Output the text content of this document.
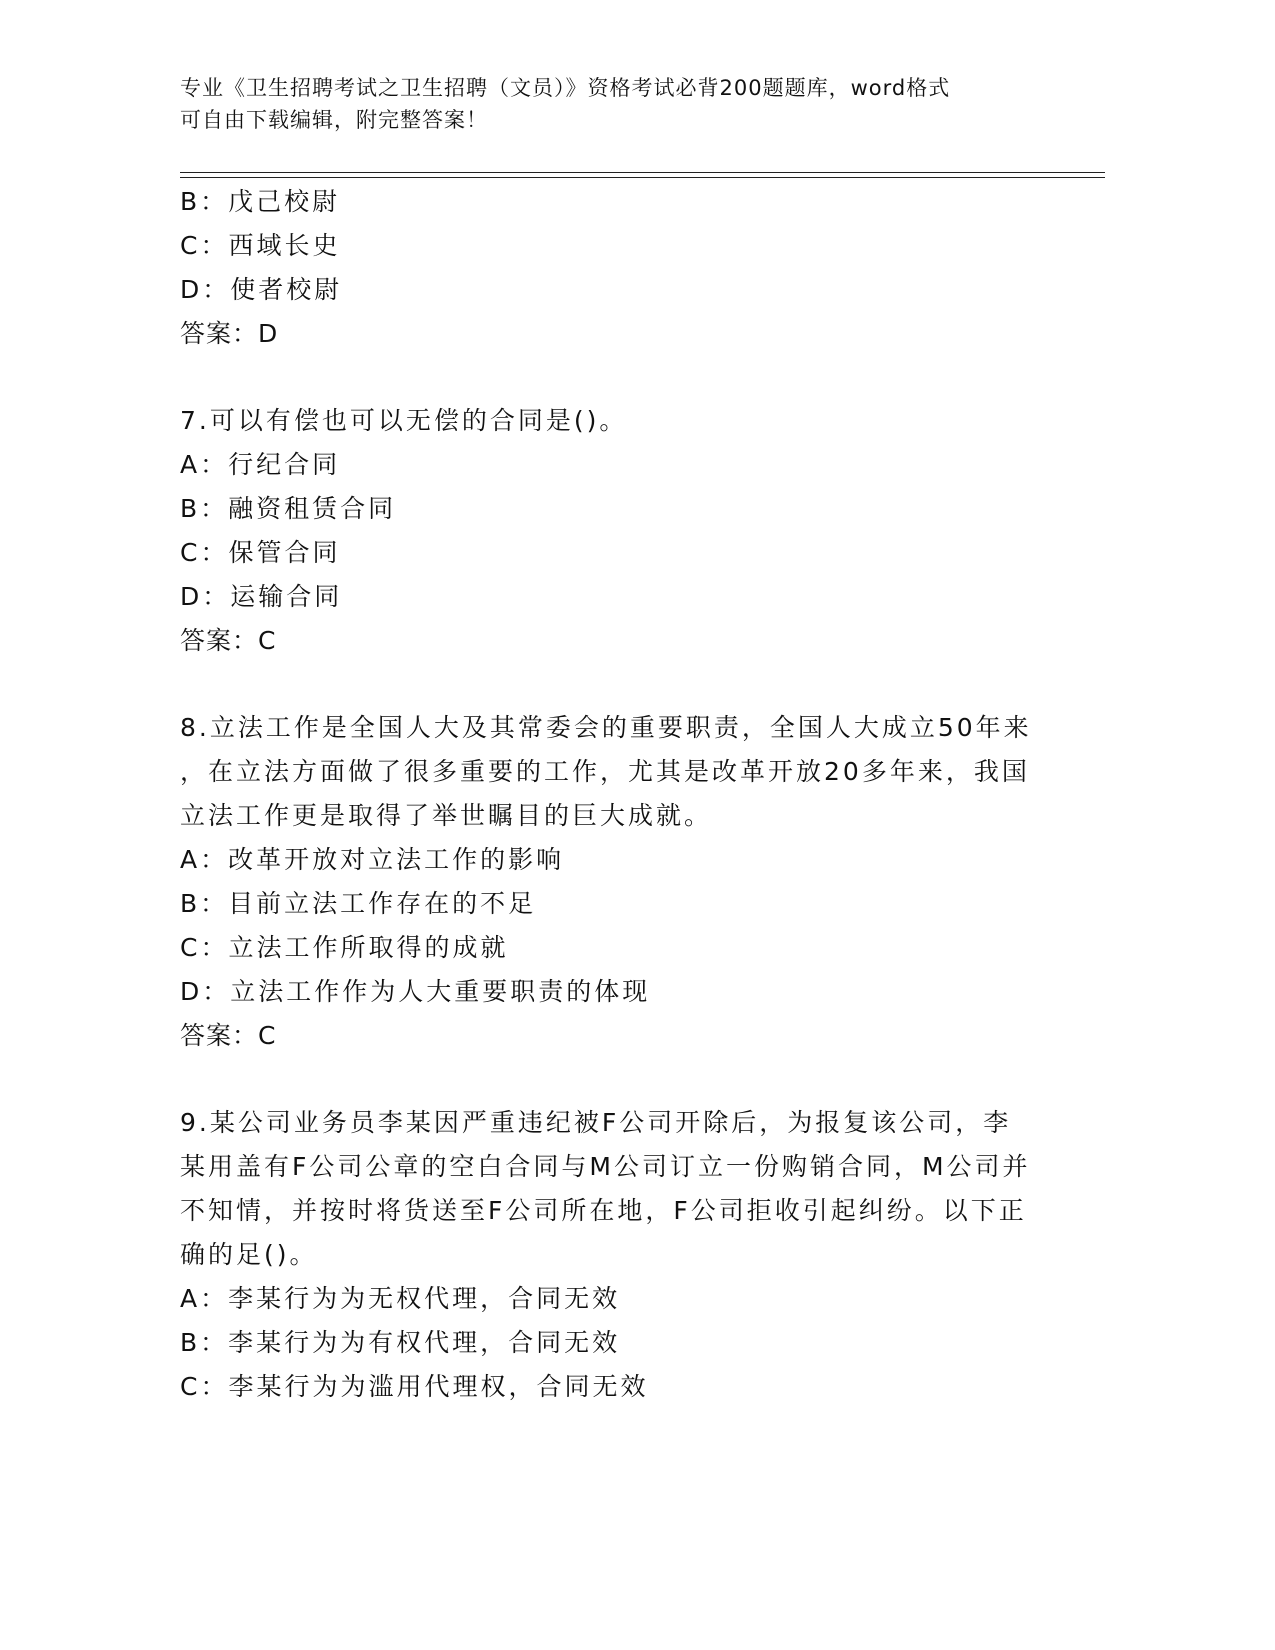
专业《卫生招聘考试之卫生招聘（文员）》资格考试必背200题题库，word格式
可自由下载编辑，附完整答案！
B：戊己校尉
C：西域长史
D：使者校尉
答案：D
7.可以有偿也可以无偿的合同是()。
A：行纪合同
B：融资租赁合同
C：保管合同
D：运输合同
答案：C
8.立法工作是全国人大及其常委会的重要职责，全国人大成立50年来
，在立法方面做了很多重要的工作，尤其是改革开放20多年来，我国
立法工作更是取得了举世瞩目的巨大成就。
A：改革开放对立法工作的影响
B：目前立法工作存在的不足
C：立法工作所取得的成就
D：立法工作作为人大重要职责的体现
答案：C
9.某公司业务员李某因严重违纪被F公司开除后，为报复该公司，李
某用盖有F公司公章的空白合同与M公司订立一份购销合同，M公司并
不知情，并按时将货送至F公司所在地，F公司拒收引起纠纷。以下正
确的足()。
A：李某行为为无权代理，合同无效
B：李某行为为有权代理，合同无效
C：李某行为为滥用代理权，合同无效
